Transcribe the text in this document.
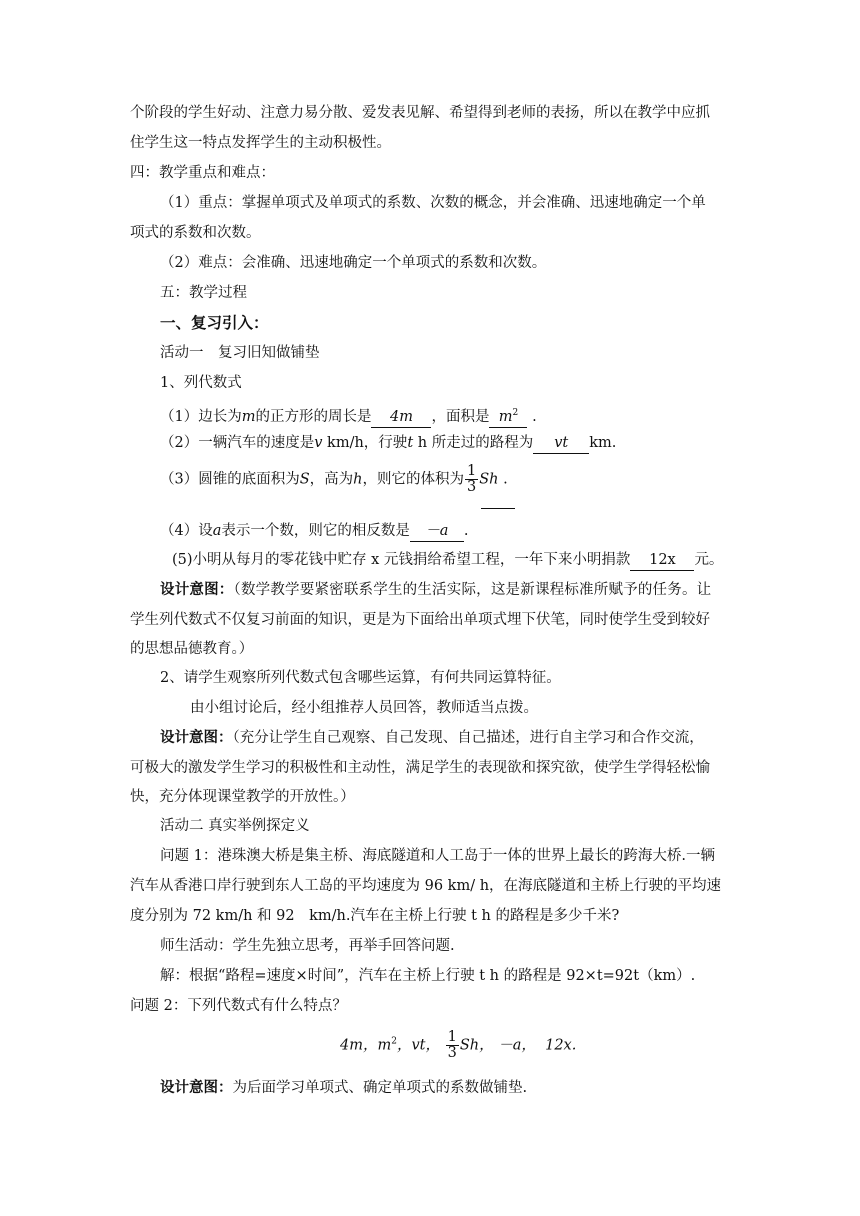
个阶段的学生好动、注意力易分散、爱发表见解、希望得到老师的表扬，所以在教学中应抓
住学生这一特点发挥学生的主动积极性。
四：教学重点和难点：
（1）重点：掌握单项式及单项式的系数、次数的概念，并会准确、迅速地确定一个单
项式的系数和次数。
（2）难点：会准确、迅速地确定一个单项式的系数和次数。
五：教学过程
一、复习引入：
活动一　复习旧知做铺垫
1、列代数式
（1）边长为m的正方形的周长是 4m ，面积是 $m^2$ .
（2）一辆汽车的速度是v km/h，行驶t h 所走过的路程为 vt km.
（3）圆锥的底面积为S，高为h，则它的体积为 $\frac{1}{3}$ Sh .
（4）设a表示一个数，则它的相反数是 －a .
(5)小明从每月的零花钱中贮存 x 元钱捐给希望工程，一年下来小明捐款 12x 元。
设计意图：（数学教学要紧密联系学生的生活实际，这是新课程标准所赋予的任务。让
学生列代数式不仅复习前面的知识，更是为下面给出单项式埋下伏笔，同时使学生受到较好
的思想品德教育。）
2、请学生观察所列代数式包含哪些运算，有何共同运算特征。
由小组讨论后，经小组推荐人员回答，教师适当点拨。
设计意图：（充分让学生自己观察、自己发现、自己描述，进行自主学习和合作交流，
可极大的激发学生学习的积极性和主动性，满足学生的表现欲和探究欲，使学生学得轻松愉
快，充分体现课堂教学的开放性。）
活动二 真实举例探定义
问题 1：港珠澳大桥是集主桥、海底隧道和人工岛于一体的世界上最长的跨海大桥.一辆
汽车从香港口岸行驶到东人工岛的平均速度为 96 km/ h，在海底隧道和主桥上行驶的平均速
度分别为 72 km/h 和 92　km/h.汽车在主桥上行驶 t h 的路程是多少千米?
师生活动：学生先独立思考，再举手回答问题.
解：根据“路程=速度×时间”，汽车在主桥上行驶 t h 的路程是 92×t=92t（km）.
问题 2：下列代数式有什么特点？
4m，$m^2$，vt， $\frac{1}{3}$ Sh， －a， 12x.
设计意图：为后面学习单项式、确定单项式的系数做铺垫.
